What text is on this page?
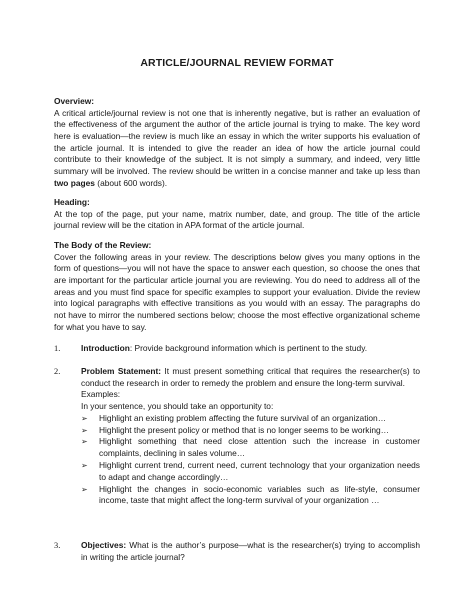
ARTICLE/JOURNAL REVIEW FORMAT
Overview:
A critical article/journal review is not one that is inherently negative, but is rather an evaluation of the effectiveness of the argument the author of the article journal is trying to make. The key word here is evaluation—the review is much like an essay in which the writer supports his evaluation of the article journal. It is intended to give the reader an idea of how the article journal could contribute to their knowledge of the subject. It is not simply a summary, and indeed, very little summary will be involved. The review should be written in a concise manner and take up less than two pages (about 600 words).
Heading:
At the top of the page, put your name, matrix number, date, and group. The title of the article journal review will be the citation in APA format of the article journal.
The Body of the Review:
Cover the following areas in your review. The descriptions below gives you many options in the form of questions—you will not have the space to answer each question, so choose the ones that are important for the particular article journal you are reviewing. You do need to address all of the areas and you must find space for specific examples to support your evaluation. Divide the review into logical paragraphs with effective transitions as you would with an essay. The paragraphs do not have to mirror the numbered sections below; choose the most effective organizational scheme for what you have to say.
1. Introduction: Provide background information which is pertinent to the study.
2. Problem Statement: It must present something critical that requires the researcher(s) to conduct the research in order to remedy the problem and ensure the long-term survival.
Examples:
In your sentence, you should take an opportunity to:
➢ Highlight an existing problem affecting the future survival of an organization…
➢ Highlight the present policy or method that is no longer seems to be working…
➢ Highlight something that need close attention such the increase in customer complaints, declining in sales volume…
➢ Highlight current trend, current need, current technology that your organization needs to adapt and change accordingly…
➢ Highlight the changes in socio-economic variables such as life-style, consumer income, taste that might affect the long-term survival of your organization …
3. Objectives: What is the author’s purpose—what is the researcher(s) trying to accomplish in writing the article journal?
